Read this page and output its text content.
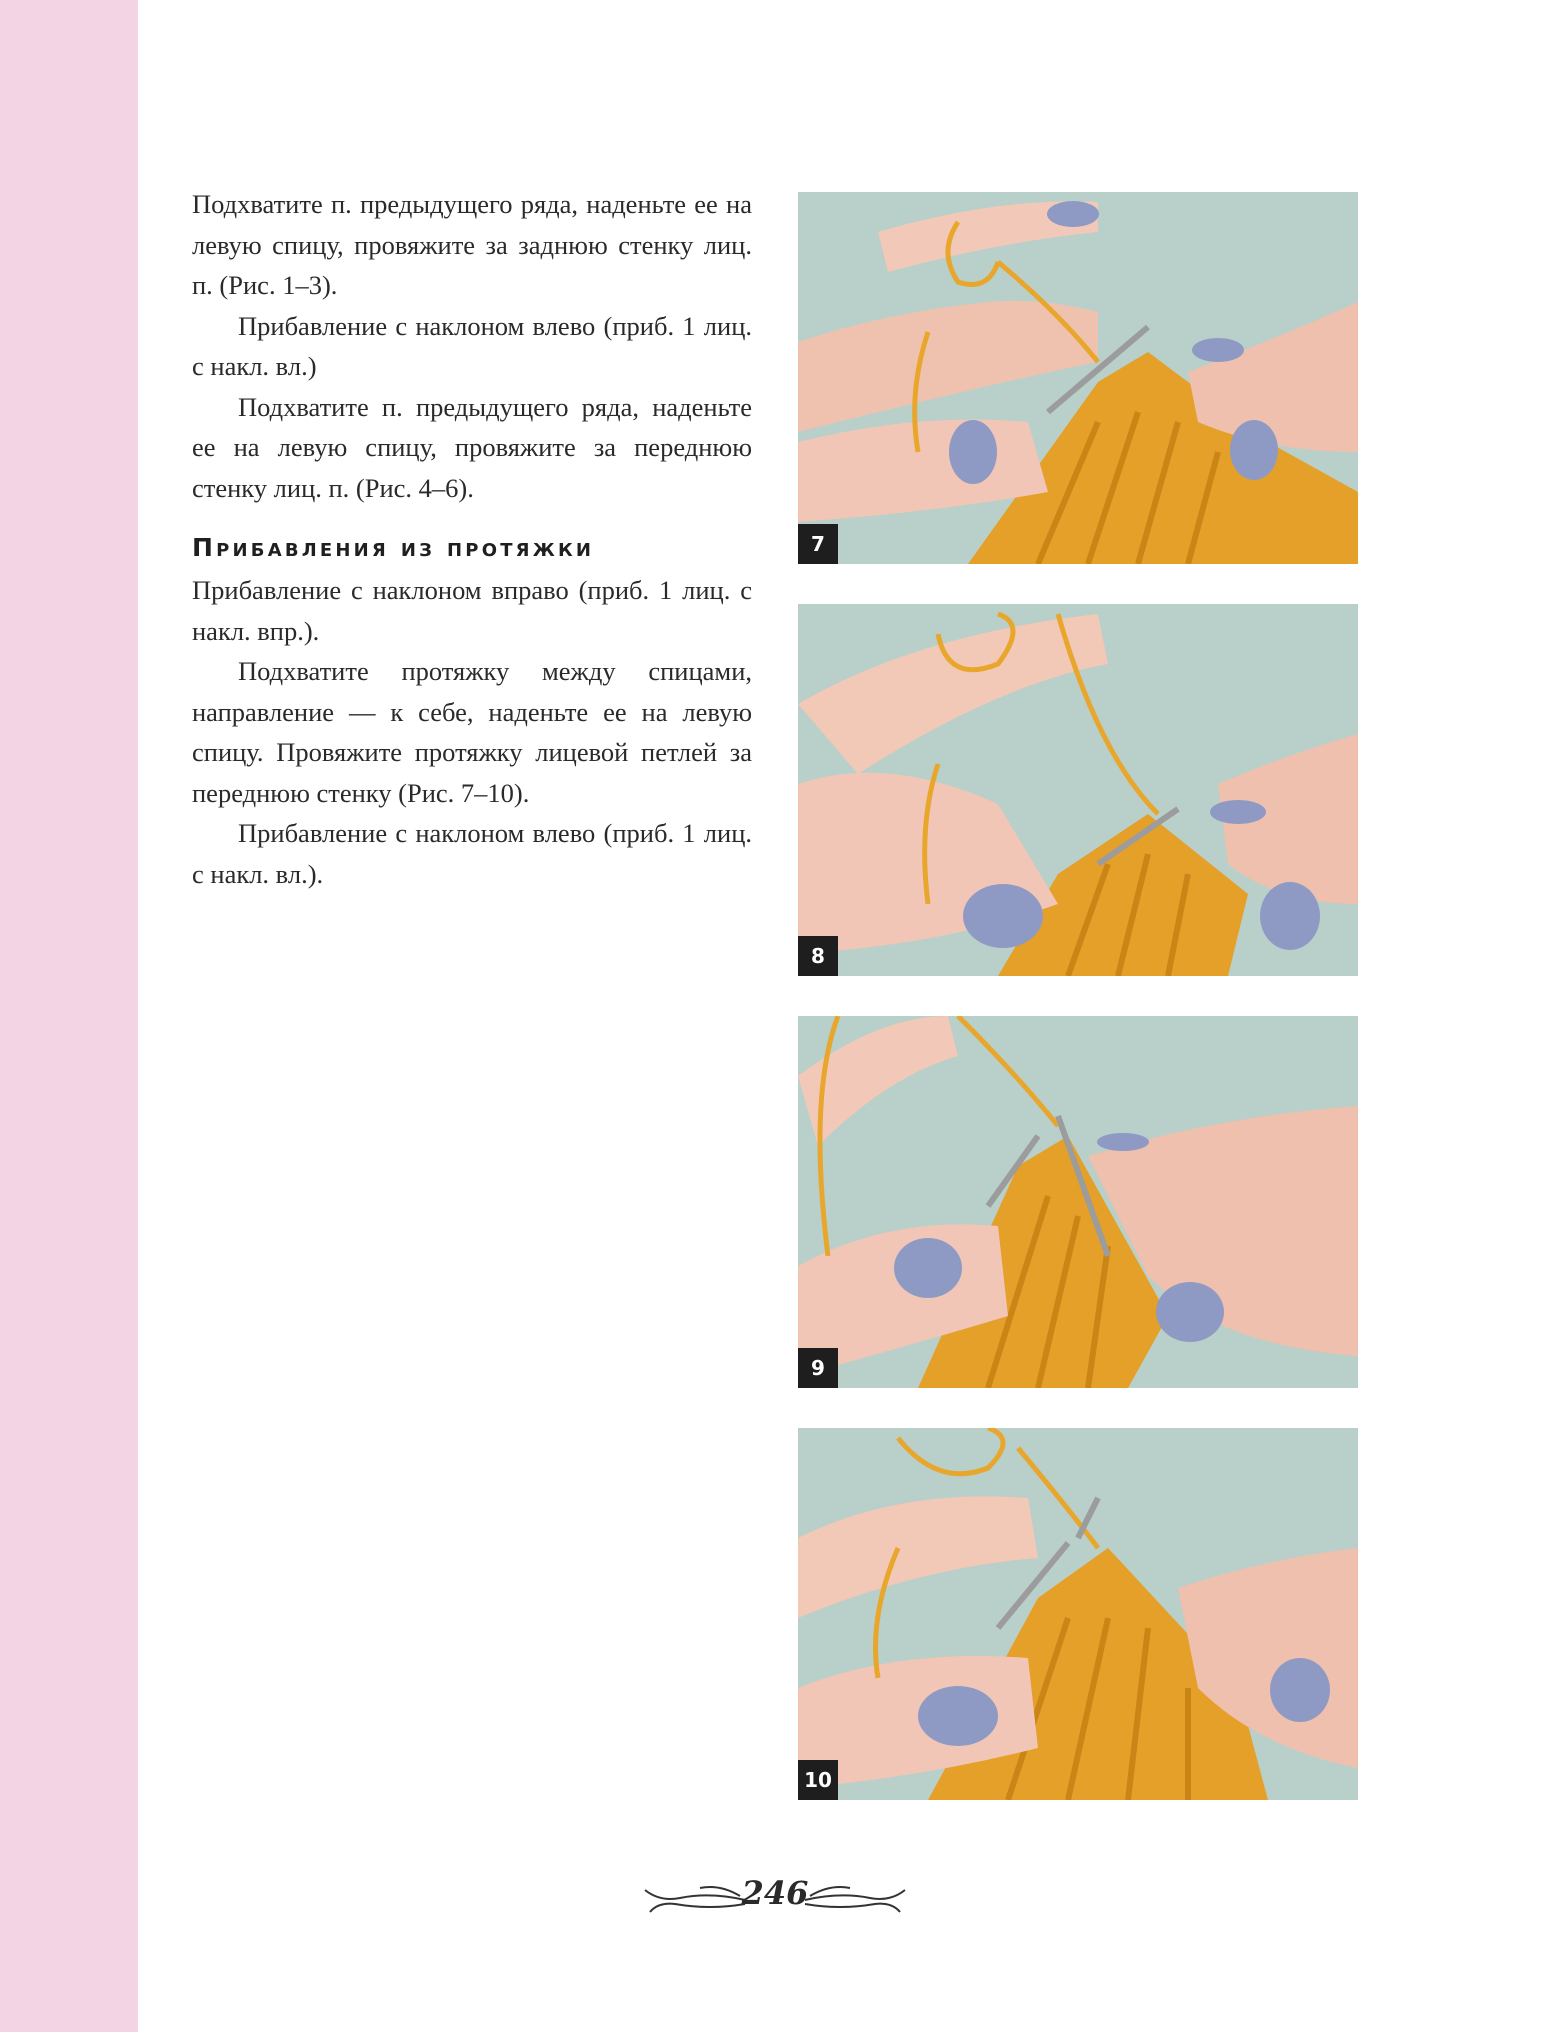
Подхватите п. предыдущего ряда, наденьте ее на левую спицу, провяжите за заднюю стенку лиц. п. (Рис. 1–3).

Прибавление с наклоном влево (приб. 1 лиц. с накл. вл.)

Подхватите п. предыдущего ряда, наденьте ее на левую спицу, провяжите за переднюю стенку лиц. п. (Рис. 4–6).

Прибавления из протяжки

Прибавление с наклоном вправо (приб. 1 лиц. с накл. впр.).

Подхватите протяжку между спицами, направление — к себе, наденьте ее на левую спицу. Провяжите протяжку лицевой петлей за переднюю стенку (Рис. 7–10).

Прибавление с наклоном влево (приб. 1 лиц. с накл. вл.).

7
8
9
10
246
